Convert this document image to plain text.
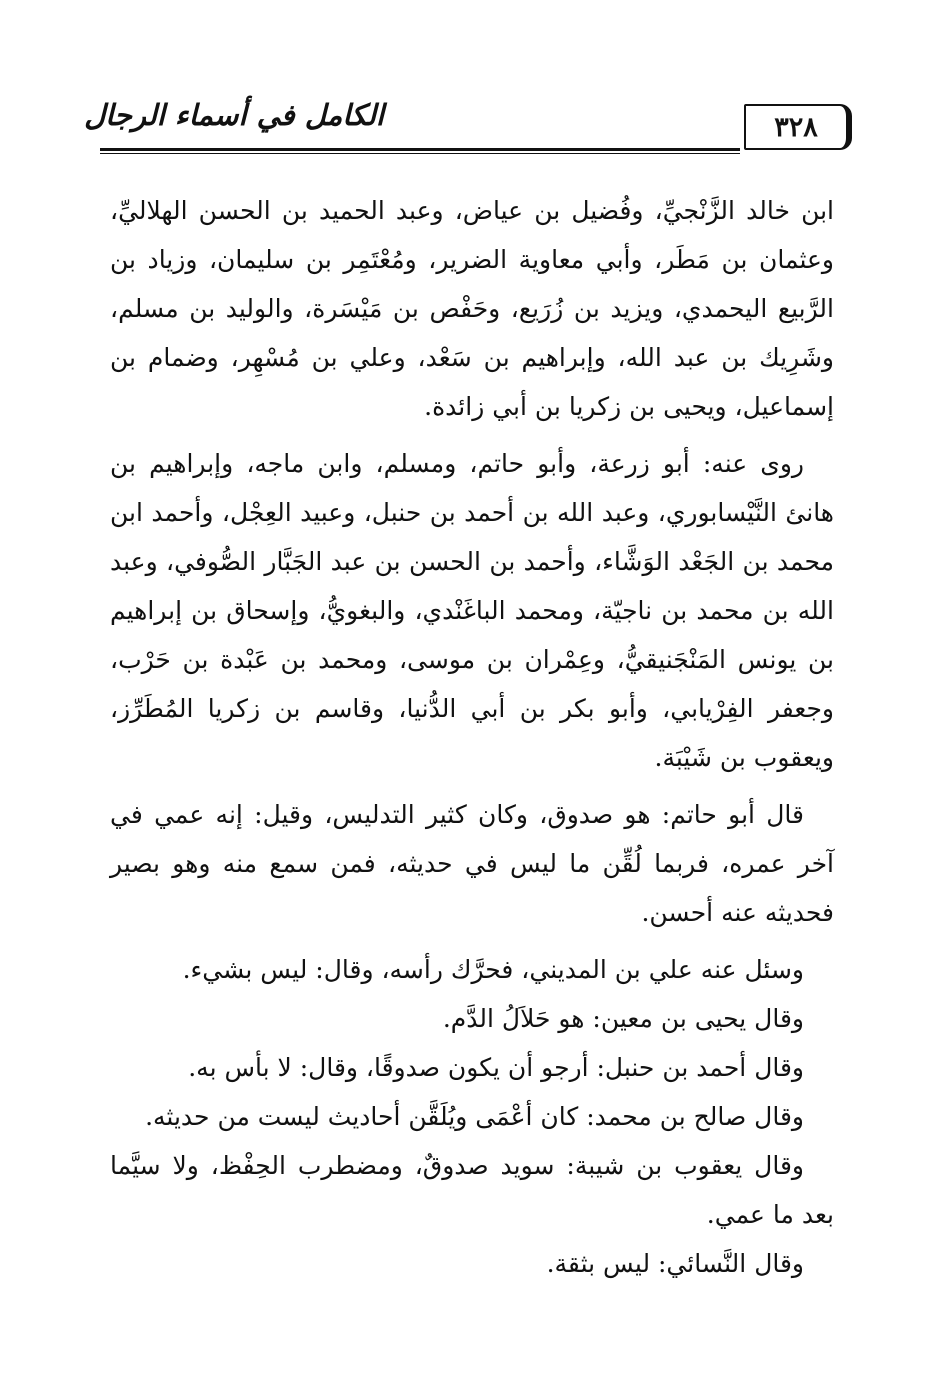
الكامل في أسماء الرجال	٣٢٨

ابن خالد الزَّنْجيِّ، وفُضيل بن عياض، وعبد الحميد بن الحسن الهلاليِّ، وعثمان بن مَطَر، وأبي معاوية الضرير، ومُعْتَمِر بن سليمان، وزياد بن الرَّبيع اليحمدي، ويزيد بن زُرَيع، وحَفْص بن مَيْسَرة، والوليد بن مسلم، وشَرِيك بن عبد الله، وإبراهيم بن سَعْد، وعلي بن مُسْهِر، وضمام بن إسماعيل، ويحيى بن زكريا بن أبي زائدة.

روى عنه: أبو زرعة، وأبو حاتم، ومسلم، وابن ماجه، وإبراهيم بن هانئ النَّيْسابوري، وعبد الله بن أحمد بن حنبل، وعبيد العِجْل، وأحمد ابن محمد بن الجَعْد الوَشَّاء، وأحمد بن الحسن بن عبد الجَبَّار الصُّوفي، وعبد الله بن محمد بن ناجيّة، ومحمد الباغَنْدي، والبغويُّ، وإسحاق بن إبراهيم بن يونس المَنْجَنيقيُّ، وعِمْران بن موسى، ومحمد بن عَبْدة بن حَرْب، وجعفر الفِرْيابي، وأبو بكر بن أبي الدُّنيا، وقاسم بن زكريا المُطَرِّز، ويعقوب بن شَيْبَة.

قال أبو حاتم: هو صدوق، وكان كثير التدليس، وقيل: إنه عمي في آخر عمره، فربما لُقِّن ما ليس في حديثه، فمن سمع منه وهو بصير فحديثه عنه أحسن.

وسئل عنه علي بن المديني، فحرَّك رأسه، وقال: ليس بشيء.

وقال يحيى بن معين: هو حَلاَلُ الدَّم.

وقال أحمد بن حنبل: أرجو أن يكون صدوقًا، وقال: لا بأس به.

وقال صالح بن محمد: كان أعْمَى ويُلَقَّن أحاديث ليست من حديثه.

وقال يعقوب بن شيبة: سويد صدوقٌ، ومضطرب الحِفْظ، ولا سيَّما بعد ما عمي.

وقال النَّسائي: ليس بثقة.
